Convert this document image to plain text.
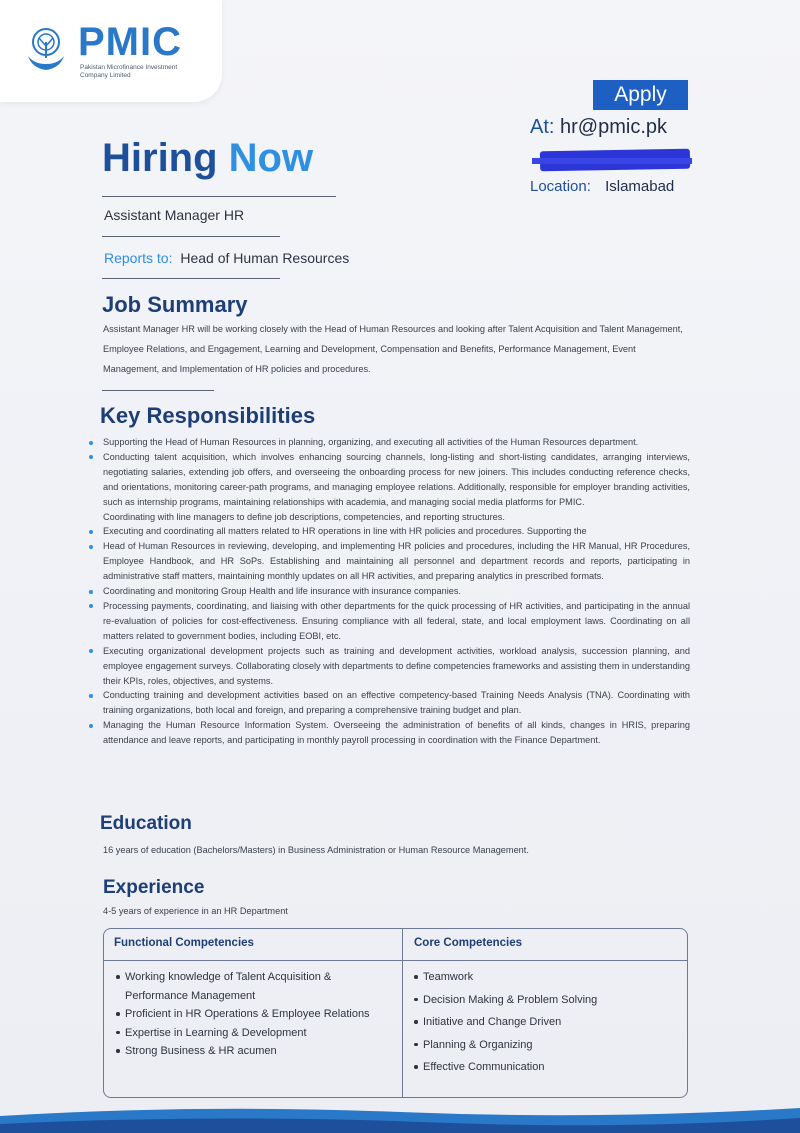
PMIC
Pakistan Microfinance Investment
Company Limited
Apply
At: hr@pmic.pk
Location: Islamabad
Hiring Now
Assistant Manager HR
Reports to: Head of Human Resources
Job Summary
Assistant Manager HR will be working closely with the Head of Human Resources and looking after Talent Acquisition and Talent Management, Employee Relations, and Engagement, Learning and Development, Compensation and Benefits, Performance Management, Event Management, and Implementation of HR policies and procedures.
Key Responsibilities
Supporting the Head of Human Resources in planning, organizing, and executing all activities of the Human Resources department.
Conducting talent acquisition, which involves enhancing sourcing channels, long-listing and short-listing candidates, arranging interviews, negotiating salaries, extending job offers, and overseeing the onboarding process for new joiners. This includes conducting reference checks, and orientations, monitoring career-path programs, and managing employee relations. Additionally, responsible for employer branding activities, such as internship programs, maintaining relationships with academia, and managing social media platforms for PMIC.
Coordinating with line managers to define job descriptions, competencies, and reporting structures.
Executing and coordinating all matters related to HR operations in line with HR policies and procedures. Supporting the
Head of Human Resources in reviewing, developing, and implementing HR policies and procedures, including the HR Manual, HR Procedures, Employee Handbook, and HR SoPs. Establishing and maintaining all personnel and department records and reports, participating in administrative staff matters, maintaining monthly updates on all HR activities, and preparing analytics in prescribed formats.
Coordinating and monitoring Group Health and life insurance with insurance companies.
Processing payments, coordinating, and liaising with other departments for the quick processing of HR activities, and participating in the annual re-evaluation of policies for cost-effectiveness. Ensuring compliance with all federal, state, and local employment laws. Coordinating on all matters related to government bodies, including EOBI, etc.
Executing organizational development projects such as training and development activities, workload analysis, succession planning, and employee engagement surveys. Collaborating closely with departments to define competencies frameworks and assisting them in understanding their KPIs, roles, objectives, and systems.
Conducting training and development activities based on an effective competency-based Training Needs Analysis (TNA). Coordinating with training organizations, both local and foreign, and preparing a comprehensive training budget and plan.
Managing the Human Resource Information System. Overseeing the administration of benefits of all kinds, changes in HRIS, preparing attendance and leave reports, and participating in monthly payroll processing in coordination with the Finance Department.
Education
16 years of education (Bachelors/Masters) in Business Administration or Human Resource Management.
Experience
4-5 years of experience in an HR Department
Functional Competencies	Core Competencies
Working knowledge of Talent Acquisition & Performance Management
Proficient in HR Operations & Employee Relations
Expertise in Learning & Development
Strong Business & HR acumen
Teamwork
Decision Making & Problem Solving
Initiative and Change Driven
Planning & Organizing
Effective Communication
